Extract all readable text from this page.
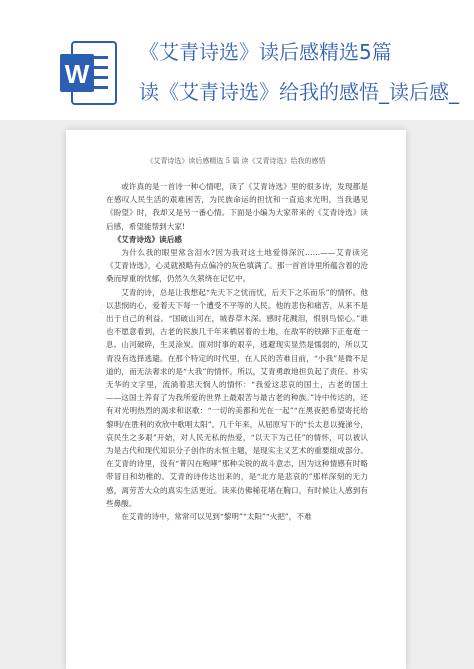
W
《艾青诗选》读后感精选5篇
读《艾青诗选》给我的感悟_读后感_
《艾青诗选》读后感精选 5 篇 读《艾青诗选》给我的感悟

或许真的是一首诗一种心情吧，读了《艾青诗选》里的很多诗，发现都是在感叹人民生活的艰难困苦，为民族命运的担忧和一直追求光明，当我遇见《盼望》时，我却又是另一番心情。下面是小编为大家带来的《艾青诗选》读后感，希望能帮到大家!

《艾青诗选》读后感

为什么我的眼里常含泪水?因为我对这土地爱得深沉……——艾青读完《艾青诗选》，心灵就被略有点偏冷的灰色填满了。那一首首诗里所蕴含着的沧桑而厚重的忧郁，仍然久久萦绕在记忆中。

艾青的诗，总是让我想起“先天下之忧而忧，后天下之乐而乐”的情怀。他以悲悯的心，爱着天下每一个遭受不平等的人民。他的悲伤和痛苦，从来不是出于自己的利益。“国破山河在，城春草木深。感时花溅泪，恨别鸟惊心。”谁也不愿意看到，古老的民族几千年来栖居着的土地，在敌军的铁蹄下正奄奄一息。山河破碎，生灵涂炭。面对时事的艰辛，逃避现实显然是懦弱的，所以艾青没有选择逃避。在那个特定的时代里，在人民的苦难目前，“小我”是微不足道的，而无法奢求的是“大我”的情怀。所以，艾青勇敢地担负起了责任。朴实无华的文字里，流淌着悲天悯人的情怀：“我爱这悲哀的国土，古老的国土——这国土养育了为我所爱的世界上最艰苦与最古老的种族。”诗中传达的，还有对光明热烈的渴求和讴歌：“一切的美都和光在一起”“在黑夜把希望寄托给黎明/在胜利的欢欣中歌唱太阳”。几千年来，从屈原写下的“长太息以掩涕兮，哀民生之多艰”开始，对人民无私的热爱，“以天下为己任”的情怀，可以被认为是古代和现代知识分子创作的永恒主题，是现实主义艺术的重要组成部分。在艾青的诗里，没有“菁闪在咆哮”那种尖锐的战斗意志，因为这种情感有时略带冒目和幼稚的。艾青的诗传达出来的，是“北方是悲哀的”那样深刻的无力感，离劳苦大众的真实生活更近。读来仿佛稀花堵在胸口，有时候让人感到有些鼻酸。

在艾青的诗中，常常可以见到“黎明”“太阳”“火把”，不难

◇ ◇ ◇
◇ ◇ ◇
